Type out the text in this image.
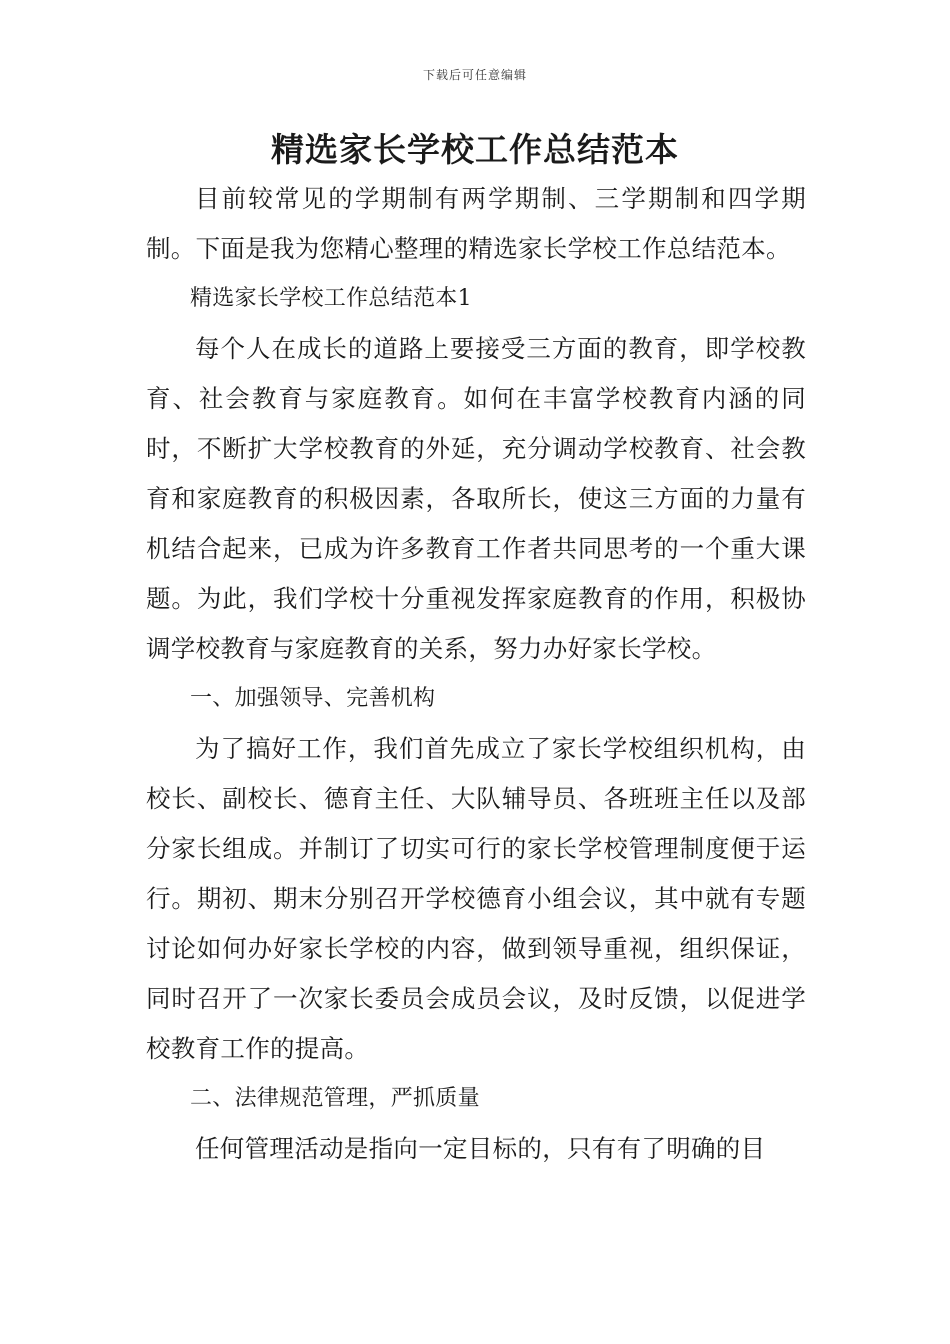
下载后可任意编辑
精选家长学校工作总结范本

目前较常见的学期制有两学期制、三学期制和四学期制。下面是我为您精心整理的精选家长学校工作总结范本。

精选家长学校工作总结范本1

每个人在成长的道路上要接受三方面的教育，即学校教育、社会教育与家庭教育。如何在丰富学校教育内涵的同时，不断扩大学校教育的外延，充分调动学校教育、社会教育和家庭教育的积极因素，各取所长，使这三方面的力量有机结合起来，已成为许多教育工作者共同思考的一个重大课题。为此，我们学校十分重视发挥家庭教育的作用，积极协调学校教育与家庭教育的关系，努力办好家长学校。

一、加强领导、完善机构

为了搞好工作，我们首先成立了家长学校组织机构，由校长、副校长、德育主任、大队辅导员、各班班主任以及部分家长组成。并制订了切实可行的家长学校管理制度便于运行。期初、期末分别召开学校德育小组会议，其中就有专题讨论如何办好家长学校的内容，做到领导重视，组织保证，同时召开了一次家长委员会成员会议，及时反馈，以促进学校教育工作的提高。

二、法律规范管理，严抓质量

任何管理活动是指向一定目标的，只有有了明确的目
